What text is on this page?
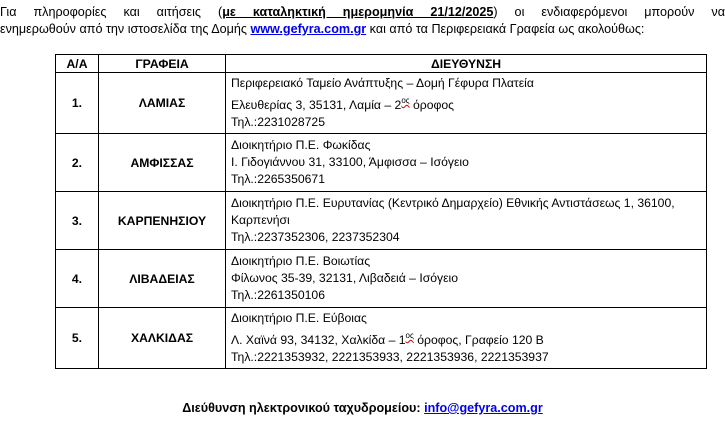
Για πληροφορίες και αιτήσεις (με καταληκτική ημερομηνία 21/12/2025) οι ενδιαφερόμενοι μπορούν να
ενημερωθούν από την ιστοσελίδα της Δομής www.gefyra.com.gr και από τα Περιφερειακά Γραφεία ως ακολούθως:
Α/Α	ΓΡΑΦΕΙΑ	ΔΙΕΥΘΥΝΣΗ
1.	ΛΑΜΙΑΣ	Περιφερειακό Ταμείο Ανάπτυξης – Δομή Γέφυρα Πλατεία
Ελευθερίας 3, 35131, Λαμία – $2^{o\varsigma}$ όροφος
Τηλ.:2231028725

2.	ΑΜΦΙΣΣΑΣ	Διοικητήριο Π.Ε. Φωκίδας
Ι. Γιδογιάννου 31, 33100, Άμφισσα – Ισόγειο
Τηλ.:2265350671

3.	ΚΑΡΠΕΝΗΣΙΟΥ	Διοικητήριο Π.Ε. Ευρυτανίας (Κεντρικό Δημαρχείο) Εθνικής Αντιστάσεως 1, 36100, Καρπενήσι
Τηλ.:2237352306, 2237352304

4.	ΛΙΒΑΔΕΙΑΣ	Διοικητήριο Π.Ε. Βοιωτίας
Φίλωνος 35-39, 32131, Λιβαδειά – Ισόγειο
Τηλ.:2261350106

5.	ΧΑΛΚΙΔΑΣ	Διοικητήριο Π.Ε. Εύβοιας
Λ. Χαϊνά 93, 34132, Χαλκίδα – $1^{o\varsigma}$ όροφος, Γραφείο 120 Β
Τηλ.:2221353932, 2221353933, 2221353936, 2221353937
Διεύθυνση ηλεκτρονικού ταχυδρομείου: info@gefyra.com.gr
